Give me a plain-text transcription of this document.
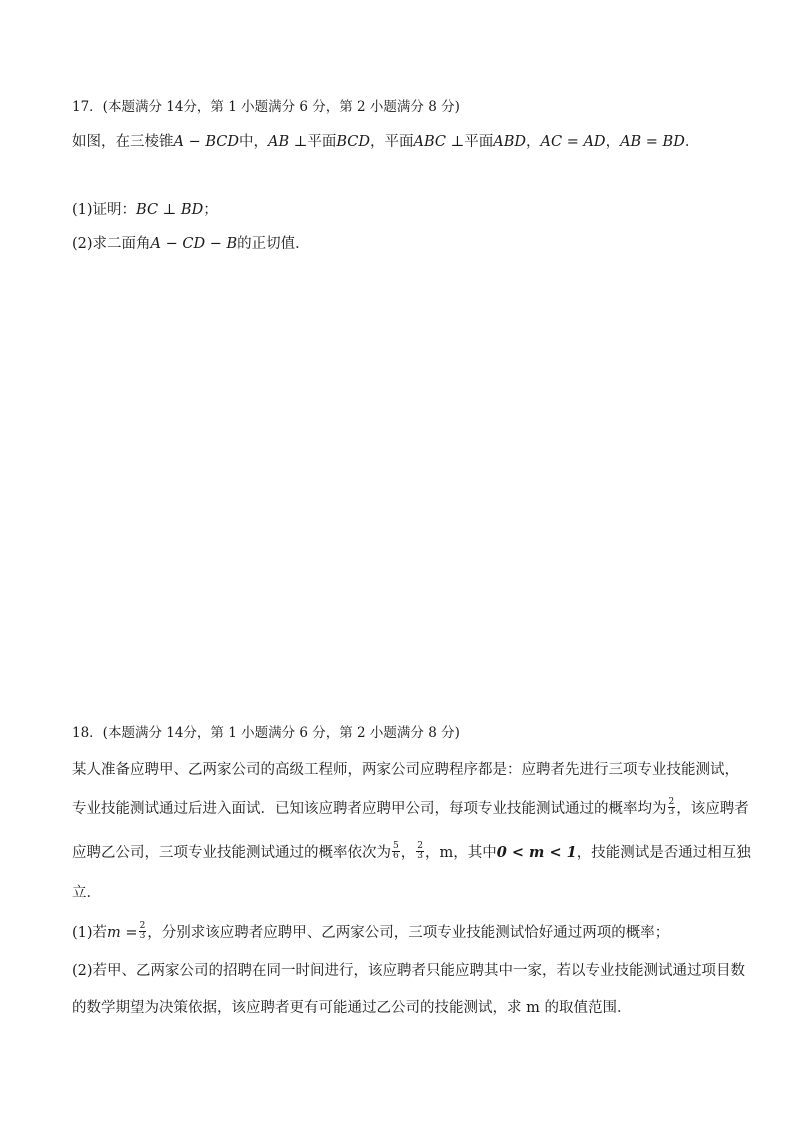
17．(本题满分 14分，第 1 小题满分 6 分，第 2 小题满分 8 分)
如图，在三棱锥A − BCD中，AB ⊥平面BCD，平面ABC ⊥平面ABD，AC = AD，AB = BD．
(1)证明：BC ⊥ BD；
(2)求二面角A − CD − B的正切值．
18．(本题满分 14分，第 1 小题满分 6 分，第 2 小题满分 8 分)
某人准备应聘甲、乙两家公司的高级工程师，两家公司应聘程序都是：应聘者先进行三项专业技能测试，
专业技能测试通过后进入面试．已知该应聘者应聘甲公司，每项专业技能测试通过的概率均为 $\frac{2}{3}$ ，该应聘者
应聘乙公司，三项专业技能测试通过的概率依次为 $\frac{5}{6}$ ， $\frac{2}{3}$ ，m，其中0 < m < 1，技能测试是否通过相互独
立．
(1)若$m = \frac{2}{3}$ ，分别求该应聘者应聘甲、乙两家公司，三项专业技能测试恰好通过两项的概率；
(2)若甲、乙两家公司的招聘在同一时间进行，该应聘者只能应聘其中一家，若以专业技能测试通过项目数
的数学期望为决策依据，该应聘者更有可能通过乙公司的技能测试，求 m 的取值范围．
